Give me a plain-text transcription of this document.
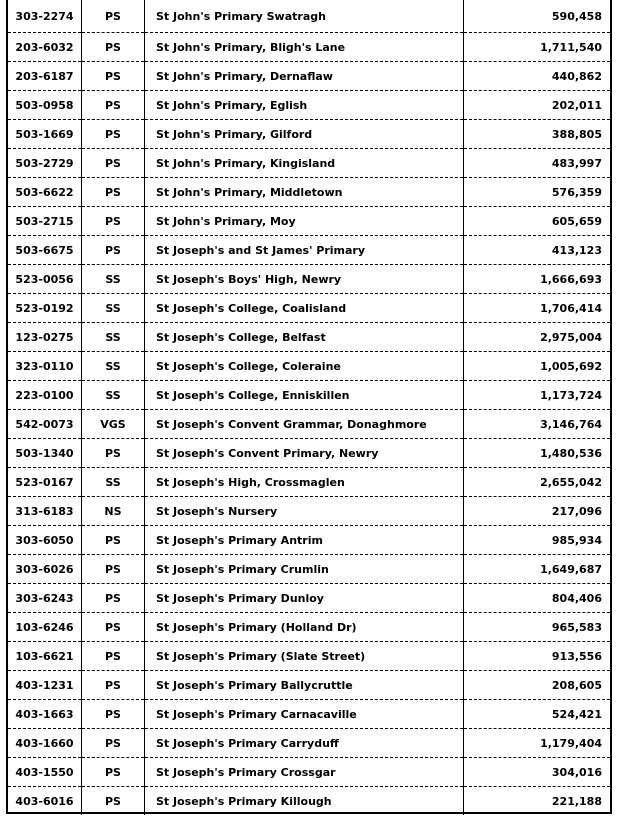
303-2274	PS	St John's Primary Swatragh	590,458
203-6032	PS	St John's Primary, Bligh's Lane	1,711,540
203-6187	PS	St John's Primary, Dernaflaw	440,862
503-0958	PS	St John's Primary, Eglish	202,011
503-1669	PS	St John's Primary, Gilford	388,805
503-2729	PS	St John's Primary, Kingisland	483,997
503-6622	PS	St John's Primary, Middletown	576,359
503-2715	PS	St John's Primary, Moy	605,659
503-6675	PS	St Joseph's and St James' Primary	413,123
523-0056	SS	St Joseph's Boys' High, Newry	1,666,693
523-0192	SS	St Joseph's College, Coalisland	1,706,414
123-0275	SS	St Joseph's College, Belfast	2,975,004
323-0110	SS	St Joseph's College, Coleraine	1,005,692
223-0100	SS	St Joseph's College, Enniskillen	1,173,724
542-0073	VGS	St Joseph's Convent Grammar, Donaghmore	3,146,764
503-1340	PS	St Joseph's Convent Primary, Newry	1,480,536
523-0167	SS	St Joseph's High, Crossmaglen	2,655,042
313-6183	NS	St Joseph's Nursery	217,096
303-6050	PS	St Joseph's Primary Antrim	985,934
303-6026	PS	St Joseph's Primary Crumlin	1,649,687
303-6243	PS	St Joseph's Primary Dunloy	804,406
103-6246	PS	St Joseph's Primary (Holland Dr)	965,583
103-6621	PS	St Joseph's Primary (Slate Street)	913,556
403-1231	PS	St Joseph's Primary Ballycruttle	208,605
403-1663	PS	St Joseph's Primary Carnacaville	524,421
403-1660	PS	St Joseph's Primary Carryduff	1,179,404
403-1550	PS	St Joseph's Primary Crossgar	304,016
403-6016	PS	St Joseph's Primary Killough	221,188
